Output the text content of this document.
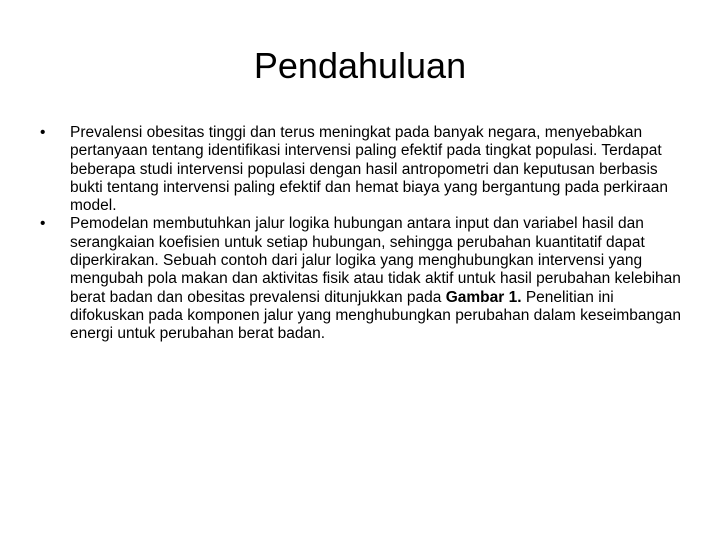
Pendahuluan
•	Prevalensi obesitas tinggi dan terus meningkat pada banyak negara, menyebabkan pertanyaan tentang identifikasi intervensi paling efektif pada tingkat populasi. Terdapat beberapa studi intervensi populasi dengan hasil antropometri dan keputusan berbasis bukti tentang intervensi paling efektif dan hemat biaya yang bergantung pada perkiraan model.
•	Pemodelan membutuhkan jalur logika hubungan antara input dan variabel hasil dan serangkaian koefisien untuk setiap hubungan, sehingga perubahan kuantitatif dapat diperkirakan. Sebuah contoh dari jalur logika yang menghubungkan intervensi yang mengubah pola makan dan aktivitas fisik atau tidak aktif untuk hasil perubahan kelebihan berat badan dan obesitas prevalensi ditunjukkan pada Gambar 1. Penelitian ini difokuskan pada komponen jalur yang menghubungkan perubahan dalam keseimbangan energi untuk perubahan berat badan.
